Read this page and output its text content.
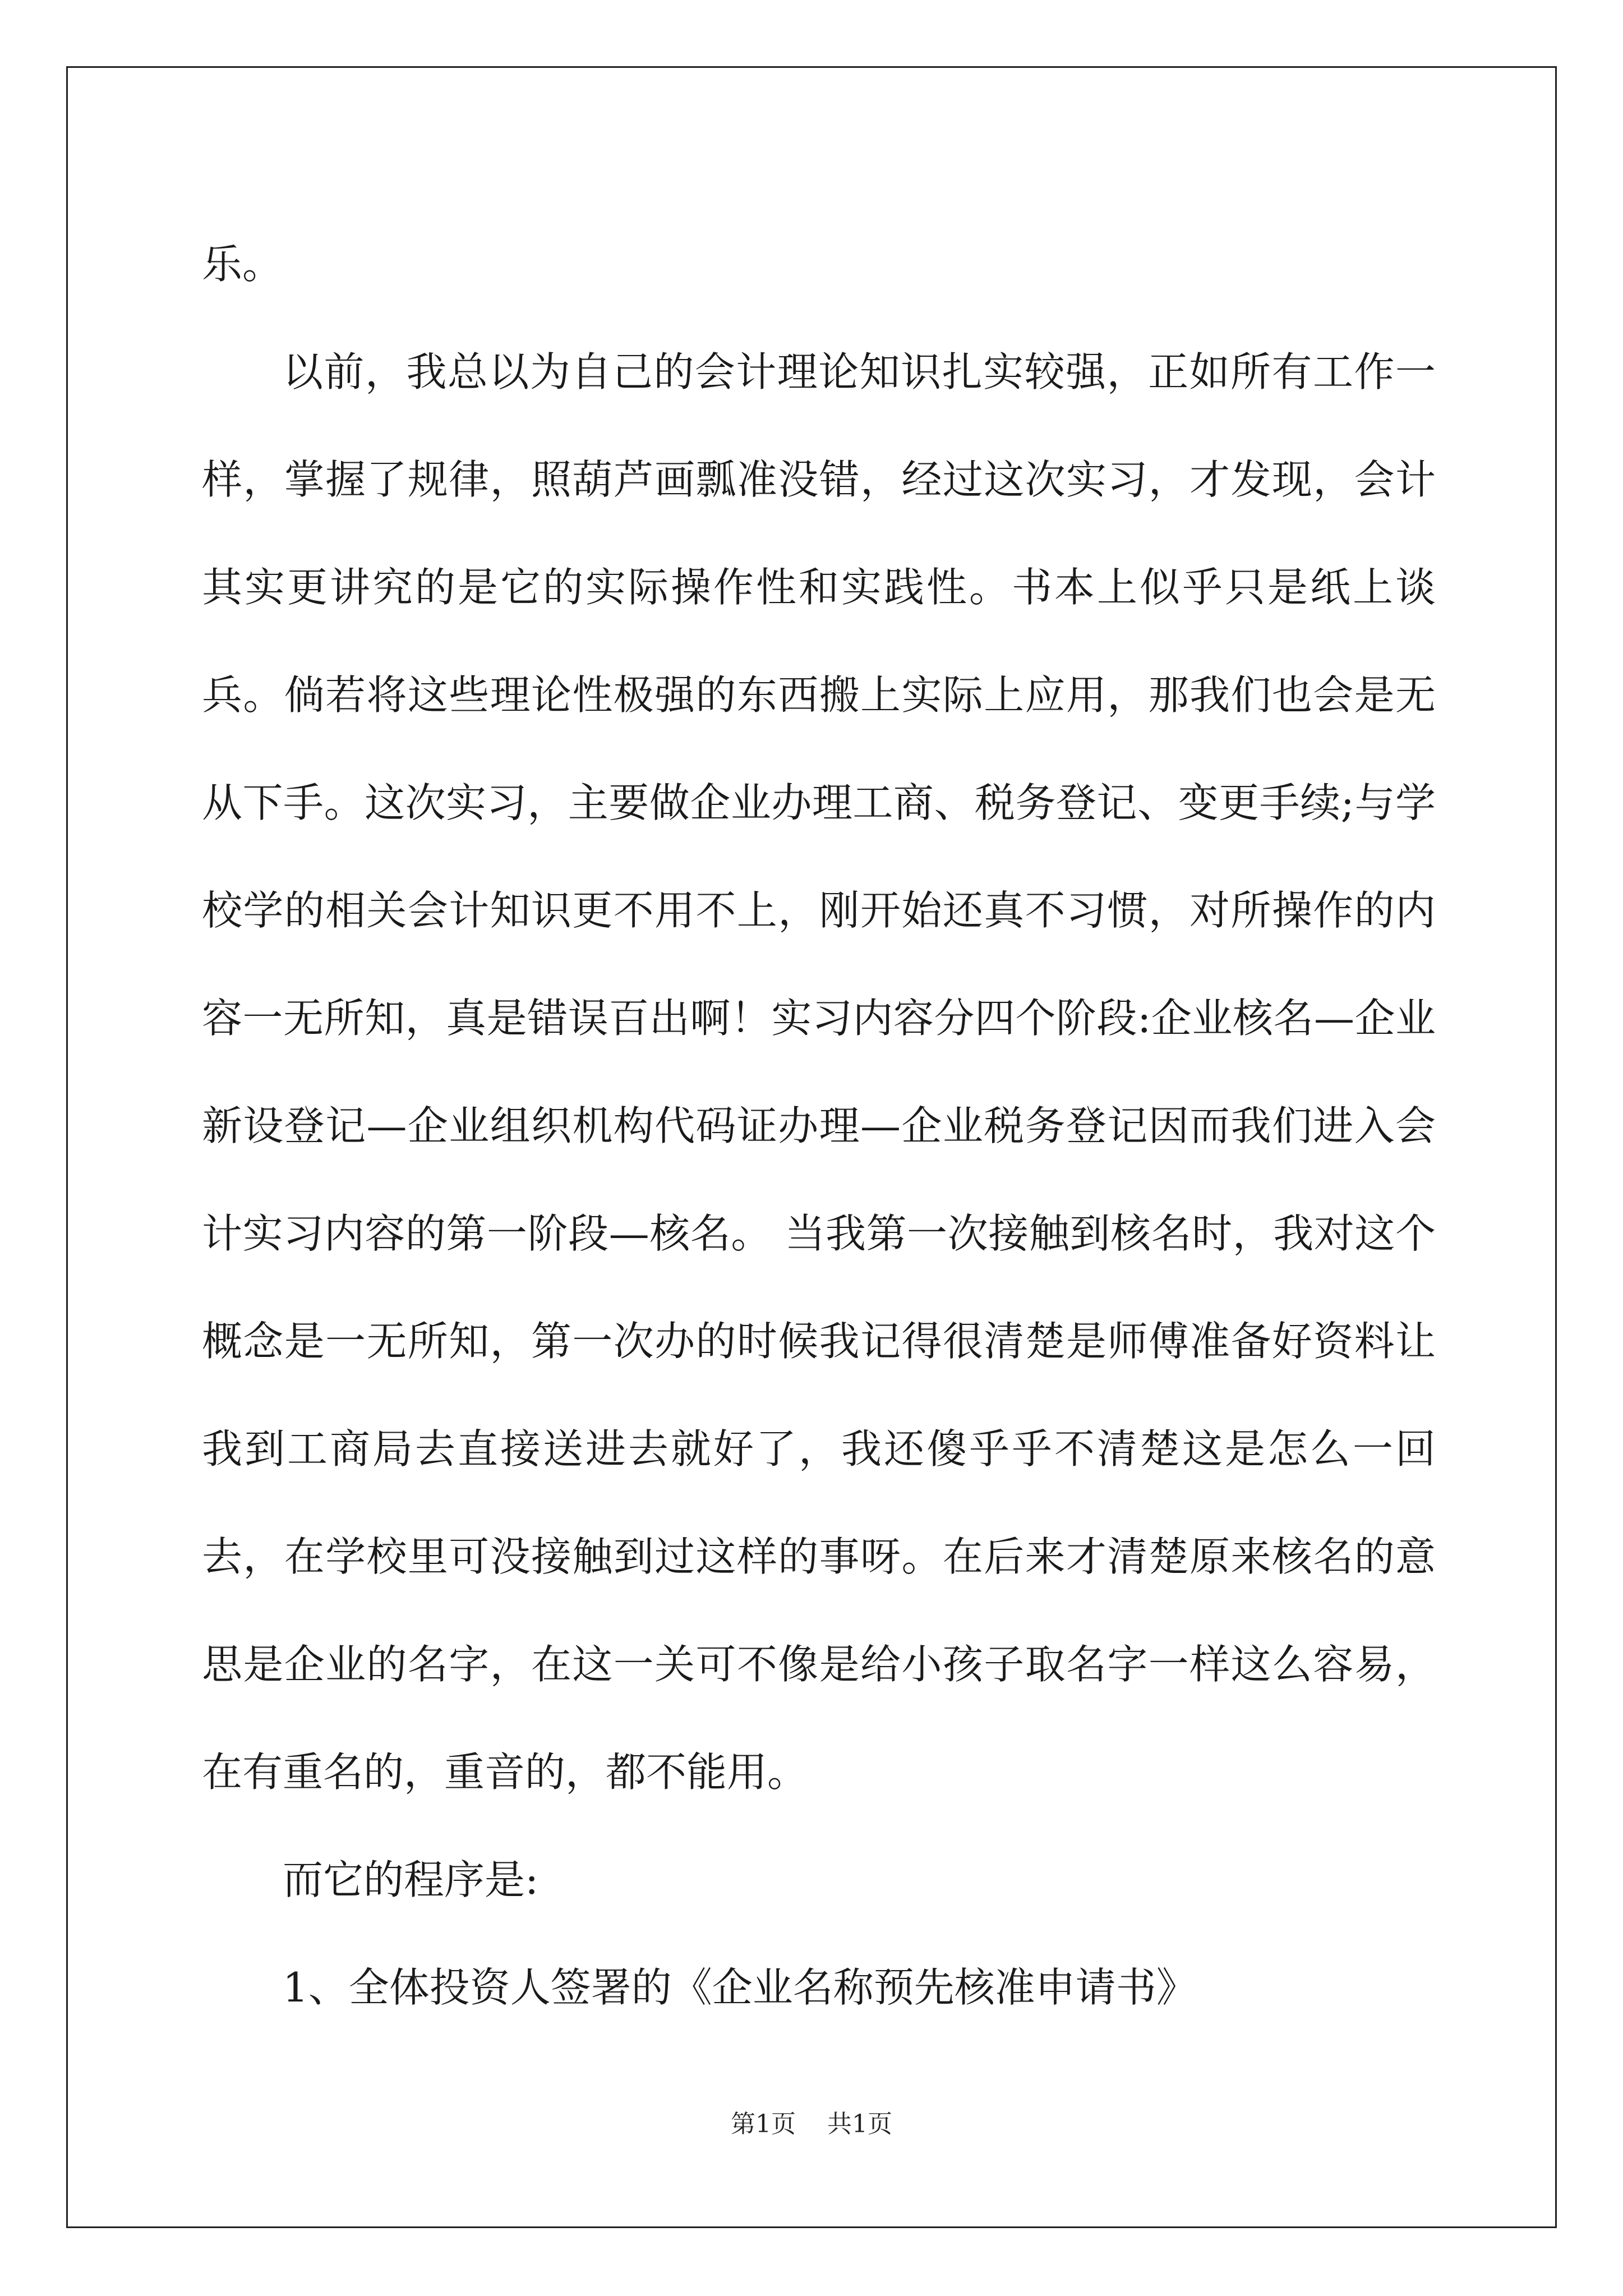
乐。

以前，我总以为自己的会计理论知识扎实较强，正如所有工作一样，掌握了规律，照葫芦画瓢准没错，经过这次实习，才发现，会计其实更讲究的是它的实际操作性和实践性。书本上似乎只是纸上谈兵。倘若将这些理论性极强的东西搬上实际上应用，那我们也会是无从下手。这次实习，主要做企业办理工商、税务登记、变更手续;与学校学的相关会计知识更不用不上，刚开始还真不习惯，对所操作的内容一无所知，真是错误百出啊！实习内容分四个阶段:企业核名—企业新设登记—企业组织机构代码证办理—企业税务登记因而我们进入会计实习内容的第一阶段—核名。 当我第一次接触到核名时，我对这个概念是一无所知，第一次办的时候我记得很清楚是师傅准备好资料让我到工商局去直接送进去就好了，我还傻乎乎不清楚这是怎么一回去，在学校里可没接触到过这样的事呀。在后来才清楚原来核名的意思是企业的名字，在这一关可不像是给小孩子取名字一样这么容易，在有重名的，重音的，都不能用。

而它的程序是:

1、全体投资人签署的《企业名称预先核准申请书》

第1页 共1页
